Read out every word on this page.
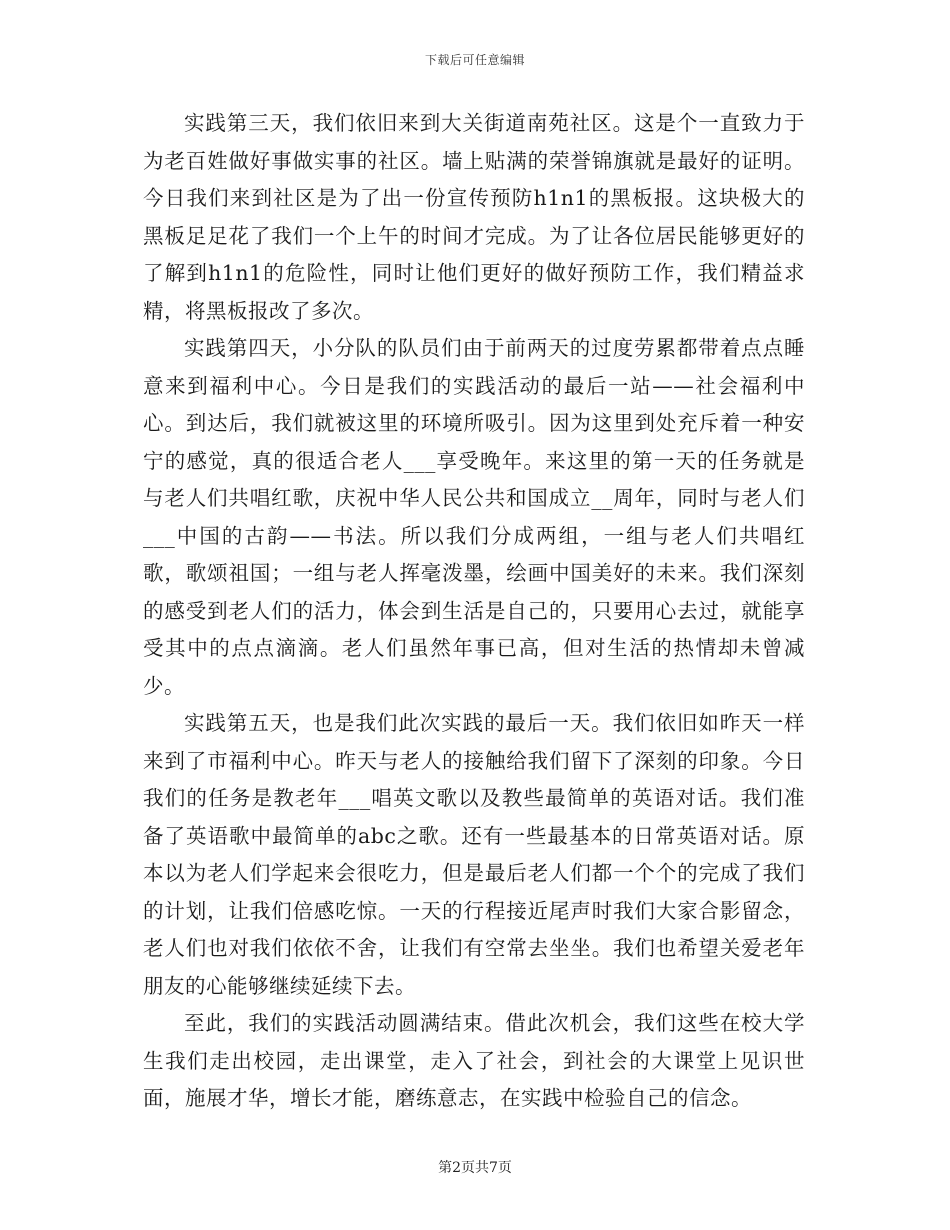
下载后可任意编辑

实践第三天，我们依旧来到大关街道南苑社区。这是个一直致力于为老百姓做好事做实事的社区。墙上贴满的荣誉锦旗就是最好的证明。今日我们来到社区是为了出一份宣传预防h1n1的黑板报。这块极大的黑板足足花了我们一个上午的时间才完成。为了让各位居民能够更好的了解到h1n1的危险性，同时让他们更好的做好预防工作，我们精益求精，将黑板报改了多次。

实践第四天，小分队的队员们由于前两天的过度劳累都带着点点睡意来到福利中心。今日是我们的实践活动的最后一站——社会福利中心。到达后，我们就被这里的环境所吸引。因为这里到处充斥着一种安宁的感觉，真的很适合老人___享受晚年。来这里的第一天的任务就是与老人们共唱红歌，庆祝中华人民公共和国成立__周年，同时与老人们___中国的古韵——书法。所以我们分成两组，一组与老人们共唱红歌，歌颂祖国；一组与老人挥毫泼墨，绘画中国美好的未来。我们深刻的感受到老人们的活力，体会到生活是自己的，只要用心去过，就能享受其中的点点滴滴。老人们虽然年事已高，但对生活的热情却未曾减少。

实践第五天，也是我们此次实践的最后一天。我们依旧如昨天一样来到了市福利中心。昨天与老人的接触给我们留下了深刻的印象。今日我们的任务是教老年___唱英文歌以及教些最简单的英语对话。我们准备了英语歌中最简单的abc之歌。还有一些最基本的日常英语对话。原本以为老人们学起来会很吃力，但是最后老人们都一个个的完成了我们的计划，让我们倍感吃惊。一天的行程接近尾声时我们大家合影留念，老人们也对我们依依不舍，让我们有空常去坐坐。我们也希望关爱老年朋友的心能够继续延续下去。

至此，我们的实践活动圆满结束。借此次机会，我们这些在校大学生我们走出校园，走出课堂，走入了社会，到社会的大课堂上见识世面，施展才华，增长才能，磨练意志，在实践中检验自己的信念。

第2页共7页
